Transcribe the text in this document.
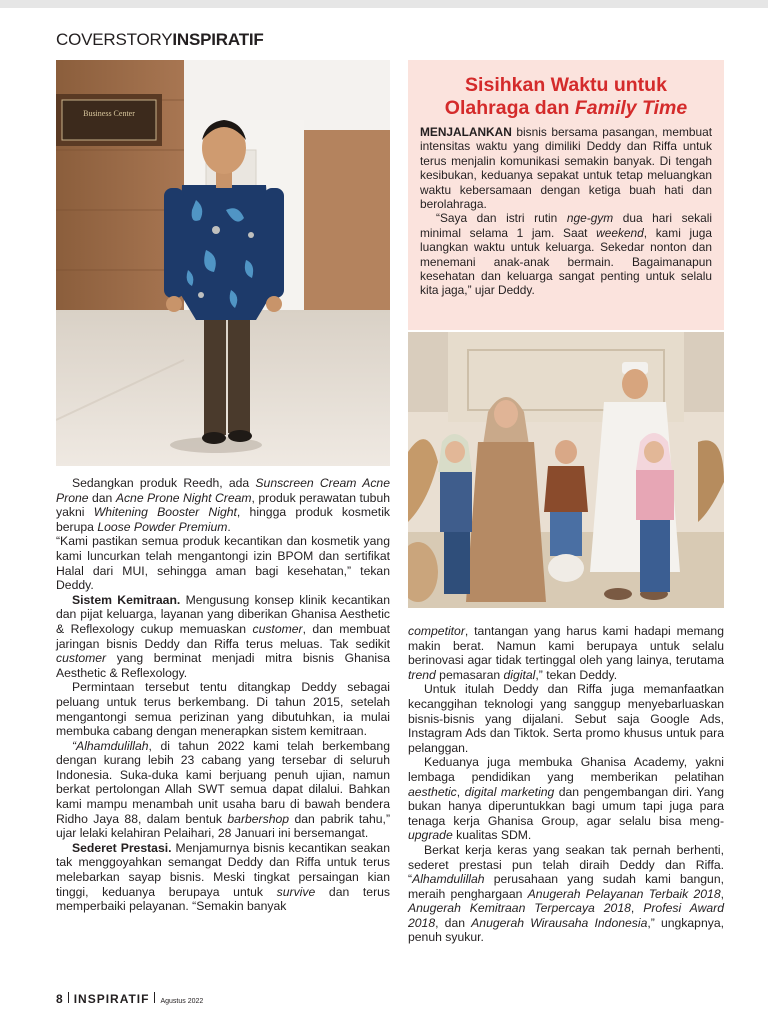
COVERSTORYINSPIRATIF
Business Center
Sisihkan Waktu untuk
Olahraga dan Family Time

MENJALANKAN bisnis bersama pasangan, membuat intensitas waktu yang dimiliki Deddy dan Riffa untuk terus menjalin komunikasi semakin banyak. Di tengah kesibukan, keduanya sepakat untuk tetap meluangkan waktu kebersamaan dengan ketiga buah hati dan berolahraga.

“Saya dan istri rutin nge-gym dua hari sekali minimal selama 1 jam. Saat weekend, kami juga luangkan waktu untuk keluarga. Sekedar nonton dan menemani anak-anak bermain. Bagaimanapun kesehatan dan keluarga sangat penting untuk selalu kita jaga,” ujar Deddy.

Sedangkan produk Reedh, ada Sunscreen Cream Acne Prone dan Acne Prone Night Cream, produk perawatan tubuh yakni Whitening Booster Night, hingga produk kosmetik berupa Loose Powder Premium.

“Kami pastikan semua produk kecantikan dan kosmetik yang kami luncurkan telah mengantongi izin BPOM dan sertifikat Halal dari MUI, sehingga aman bagi kesehatan,” tekan Deddy.

Sistem Kemitraan. Mengusung konsep klinik kecantikan dan pijat keluarga, layanan yang diberikan Ghanisa Aesthetic & Reflexology cukup memuaskan customer, dan membuat jaringan bisnis Deddy dan Riffa terus meluas. Tak sedikit customer yang berminat menjadi mitra bisnis Ghanisa Aesthetic & Reflexology.

Permintaan tersebut tentu ditangkap Deddy sebagai peluang untuk terus berkembang. Di tahun 2015, setelah mengantongi semua perizinan yang dibutuhkan, ia mulai membuka cabang dengan menerapkan sistem kemitraan.

“Alhamdulillah, di tahun 2022 kami telah berkembang dengan kurang lebih 23 cabang yang tersebar di seluruh Indonesia. Suka-duka kami berjuang penuh ujian, namun berkat pertolongan Allah SWT semua dapat dilalui. Bahkan kami mampu menambah unit usaha baru di bawah bendera Ridho Jaya 88, dalam bentuk barbershop dan pabrik tahu,” ujar lelaki kelahiran Pelaihari, 28 Januari ini bersemangat.

Sederet Prestasi. Menjamurnya bisnis kecantikan seakan tak menggoyahkan semangat Deddy dan Riffa untuk terus melebarkan sayap bisnis. Meski tingkat persaingan kian tinggi, keduanya berupaya untuk survive dan terus memperbaiki pelayanan. “Semakin banyak

competitor, tantangan yang harus kami hadapi memang makin berat. Namun kami berupaya untuk selalu berinovasi agar tidak tertinggal oleh yang lainya, terutama trend pemasaran digital,” tekan Deddy.

Untuk itulah Deddy dan Riffa juga memanfaatkan kecanggihan teknologi yang sanggup menyebarluaskan bisnis-bisnis yang dijalani. Sebut saja Google Ads, Instagram Ads dan Tiktok. Serta promo khusus untuk para pelanggan.

Keduanya juga membuka Ghanisa Academy, yakni lembaga pendidikan yang memberikan pelatihan aesthetic, digital marketing dan pengembangan diri. Yang bukan hanya diperuntukkan bagi umum tapi juga para tenaga kerja Ghanisa Group, agar selalu bisa meng-upgrade kualitas SDM.

Berkat kerja keras yang seakan tak pernah berhenti, sederet prestasi pun telah diraih Deddy dan Riffa. “Alhamdulillah perusahaan yang sudah kami bangun, meraih penghargaan Anugerah Pelayanan Terbaik 2018, Anugerah Kemitraan Terpercaya 2018, Profesi Award 2018, dan Anugerah Wirausaha Indonesia,” ungkapnya, penuh syukur.

8 INSPIRATIF Agustus 2022
